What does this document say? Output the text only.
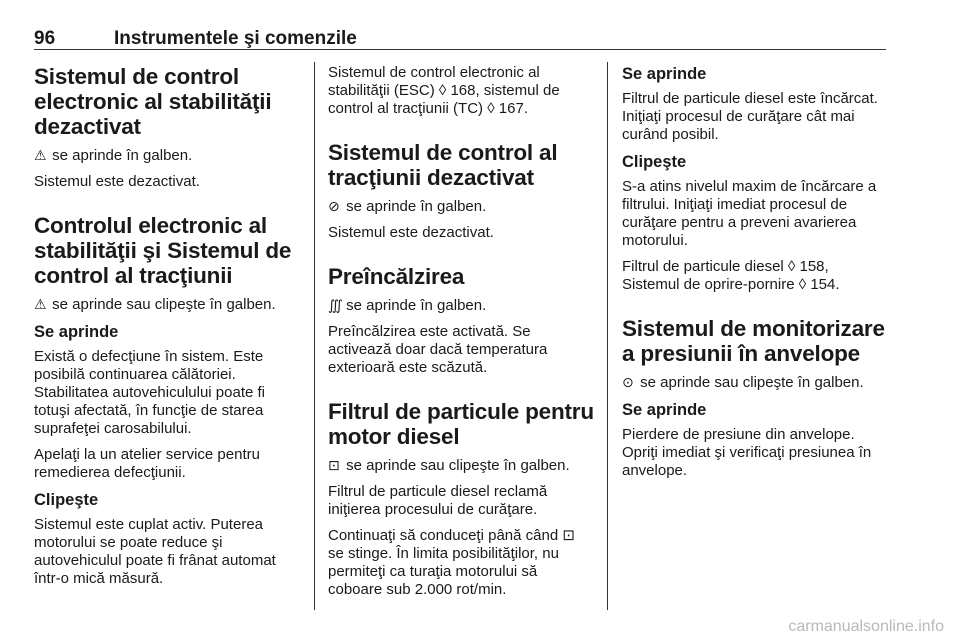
96	Instrumentele şi comenzile
Sistemul de control electronic al stabilităţii dezactivat

⚠ se aprinde în galben.

Sistemul este dezactivat.

Controlul electronic al stabilităţii şi Sistemul de control al tracţiunii

⚠ se aprinde sau clipeşte în galben.

Se aprinde

Există o defecţiune în sistem. Este posibilă continuarea călătoriei. Stabilitatea autovehiculului poate fi totuşi afectată, în funcţie de starea suprafeţei carosabilului.

Apelaţi la un atelier service pentru remedierea defecţiunii.

Clipeşte

Sistemul este cuplat activ. Puterea motorului se poate reduce şi autovehiculul poate fi frânat automat într-o mică măsură.

Sistemul de control electronic al stabilităţii (ESC) ◊ 168, sistemul de control al tracţiunii (TC) ◊ 167.

Sistemul de control al tracţiunii dezactivat

⊘ se aprinde în galben.

Sistemul este dezactivat.

Preîncălzirea

∭ se aprinde în galben.

Preîncălzirea este activată. Se activează doar dacă temperatura exterioară este scăzută.

Filtrul de particule pentru motor diesel

⊡ se aprinde sau clipeşte în galben.

Filtrul de particule diesel reclamă iniţierea procesului de curăţare.

Continuaţi să conduceţi până când ⊡ se stinge. În limita posibilităţilor, nu permiteţi ca turaţia motorului să coboare sub 2.000 rot/min.

Se aprinde

Filtrul de particule diesel este încărcat. Iniţiaţi procesul de curăţare cât mai curând posibil.

Clipeşte

S-a atins nivelul maxim de încărcare a filtrului. Iniţiaţi imediat procesul de curăţare pentru a preveni avarierea motorului.

Filtrul de particule diesel ◊ 158, Sistemul de oprire-pornire ◊ 154.

Sistemul de monitorizare a presiunii în anvelope

⊙ se aprinde sau clipeşte în galben.

Se aprinde

Pierdere de presiune din anvelope. Opriţi imediat şi verificaţi presiunea în anvelope.

carmanualsonline.info
